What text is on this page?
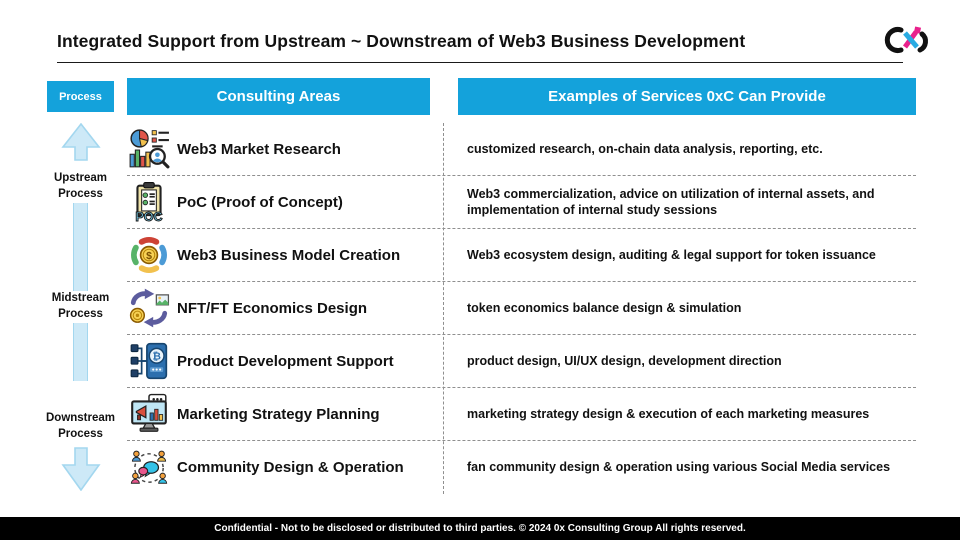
Integrated Support from Upstream ~ Downstream of Web3 Business Development
Process	Consulting Areas	Examples of Services 0xC Can Provide
Upstream Process
Midstream Process
Downstream Process
Web3 Market Research	customized research, on-chain data analysis, reporting, etc.
POC
PoC (Proof of Concept)	Web3 commercialization, advice on utilization of internal assets, and implementation of internal study sessions
$ Web3 Business Model Creation	Web3 ecosystem design, auditing & legal support for token issuance
NFT/FT Economics Design	token economics balance design & simulation
₿ Product Development Support	product design, UI/UX design, development direction
Marketing Strategy Planning	marketing strategy design & execution of each marketing measures
Community Design & Operation	fan community design & operation using various Social Media services
Confidential - Not to be disclosed or distributed to third parties. © 2024 0x Consulting Group All rights reserved.
